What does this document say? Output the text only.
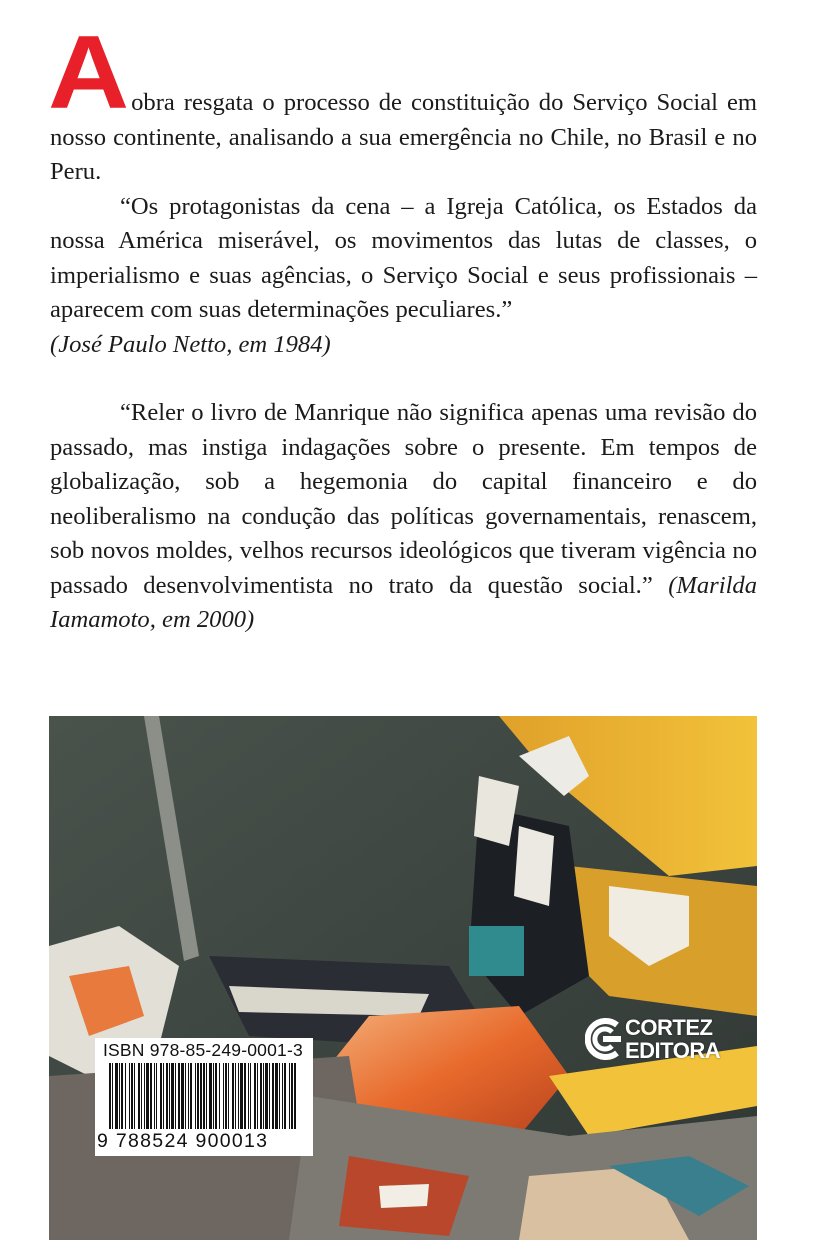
A obra resgata o processo de constituição do Serviço Social em nosso continente, analisando a sua emergência no Chile, no Brasil e no Peru.

“Os protagonistas da cena – a Igreja Católica, os Estados da nossa América miserável, os movimentos das lutas de classes, o imperialismo e suas agências, o Serviço Social e seus profissionais – aparecem com suas determinações peculiares.”
(José Paulo Netto, em 1984)

“Reler o livro de Manrique não significa apenas uma revisão do passado, mas instiga indagações sobre o presente. Em tempos de globalização, sob a hegemonia do capital financeiro e do neoliberalismo na condução das políticas governamentais, renascem, sob novos moldes, velhos recursos ideológicos que tiveram vigência no passado desenvolvimentista no trato da questão social.” (Marilda Iamamoto, em 2000)

ISBN 978-85-249-0001-3
9 788524 900013
CORTEZ
EDITORA
